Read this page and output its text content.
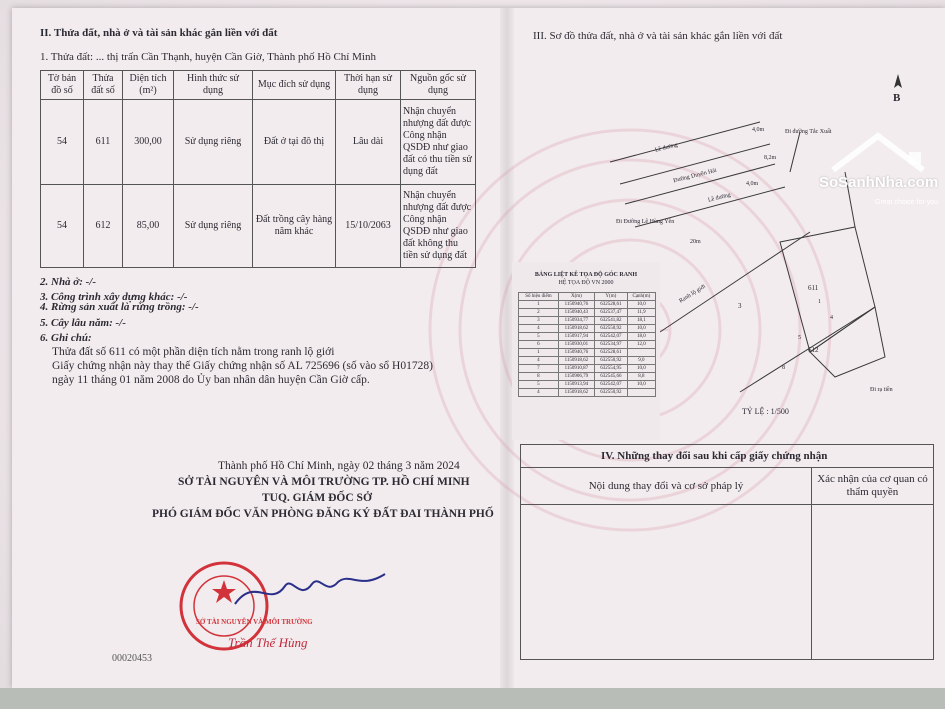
II. Thửa đất, nhà ở và tài sản khác gắn liền với đất
1. Thửa đất: ... thị trấn Cần Thạnh, huyện Cần Giờ, Thành phố Hồ Chí Minh
Tờ bản đồ số	Thửa đất số	Diện tích (m²)	Hình thức sử dụng	Mục đích sử dụng	Thời hạn sử dụng	Nguồn gốc sử dụng
54	611	300,00	Sử dụng riêng	Đất ở tại đô thị	Lâu dài	Nhận chuyển nhượng đất được Công nhận QSDĐ như giao đất có thu tiền sử dụng đất
54	612	85,00	Sử dụng riêng	Đất trồng cây hàng năm khác	15/10/2063	Nhận chuyển nhượng đất được Công nhận QSDĐ như giao đất không thu tiền sử dụng đất
2. Nhà ở: -/-
3. Công trình xây dựng khác: -/-
4. Rừng sản xuất là rừng trồng: -/-
5. Cây lâu năm: -/-
6. Ghi chú:
Thửa đất số 611 có một phần diện tích nằm trong ranh lộ giới
Giấy chứng nhận này thay thế Giấy chứng nhận số AL 725696 (số vào sổ H01728)
ngày 11 tháng 01 năm 2008 do Ủy ban nhân dân huyện Cần Giờ cấp.
Thành phố Hồ Chí Minh, ngày 02 tháng 3 năm 2024
SỞ TÀI NGUYÊN VÀ MÔI TRƯỜNG TP. HỒ CHÍ MINH
TUQ. GIÁM ĐỐC SỞ
PHÓ GIÁM ĐỐC VĂN PHÒNG ĐĂNG KÝ ĐẤT ĐAI THÀNH PHỐ
SỞ TÀI NGUYÊN VÀ MÔI TRƯỜNG
Trần Thế Hùng
00020453
III. Sơ đồ thửa đất, nhà ở và tài sản khác gắn liền với đất
B
Lề đường
Đường Duyên Hải
Lề đường
4,0m
8,2m
4,0m
20m
Đi đường Tắc Xuất
Đi Đường Lê Hùng Yên
Ranh lộ giới
Đi rạ tiền
611
612
3	1
4
5
8
TỶ LỆ : 1/500
BẢNG LIỆT KÊ TỌA ĐỘ GÓC RANH
HỆ TỌA ĐỘ VN 2000
Số hiệu điểm	X(m)	Y(m)	Cạnh(m)
1	1150940,76	632528,61	10,0
2	1150940,43	632537,47	11,9
3	1150934,77	632541,82	18,1
4	1150918,62	632550,92	10,0
5	1150917,94	632542,07	18,0
6	1150930,01	632534,97	12,0
1	1150940,76	632528,61	
4	1150918,62	632550,92	9,0
7	1150910,87	632554,95	10,0
8	1150906,79	632545,66	8,8
5	1150913,94	632542,07	10,0
4	1150918,62	632550,92	
IV. Những thay đổi sau khi cấp giấy chứng nhận	
Nội dung thay đổi và cơ sở pháp lý	Xác nhận của cơ quan có thẩm quyền

SoSanhNha.com
Great choice for you
